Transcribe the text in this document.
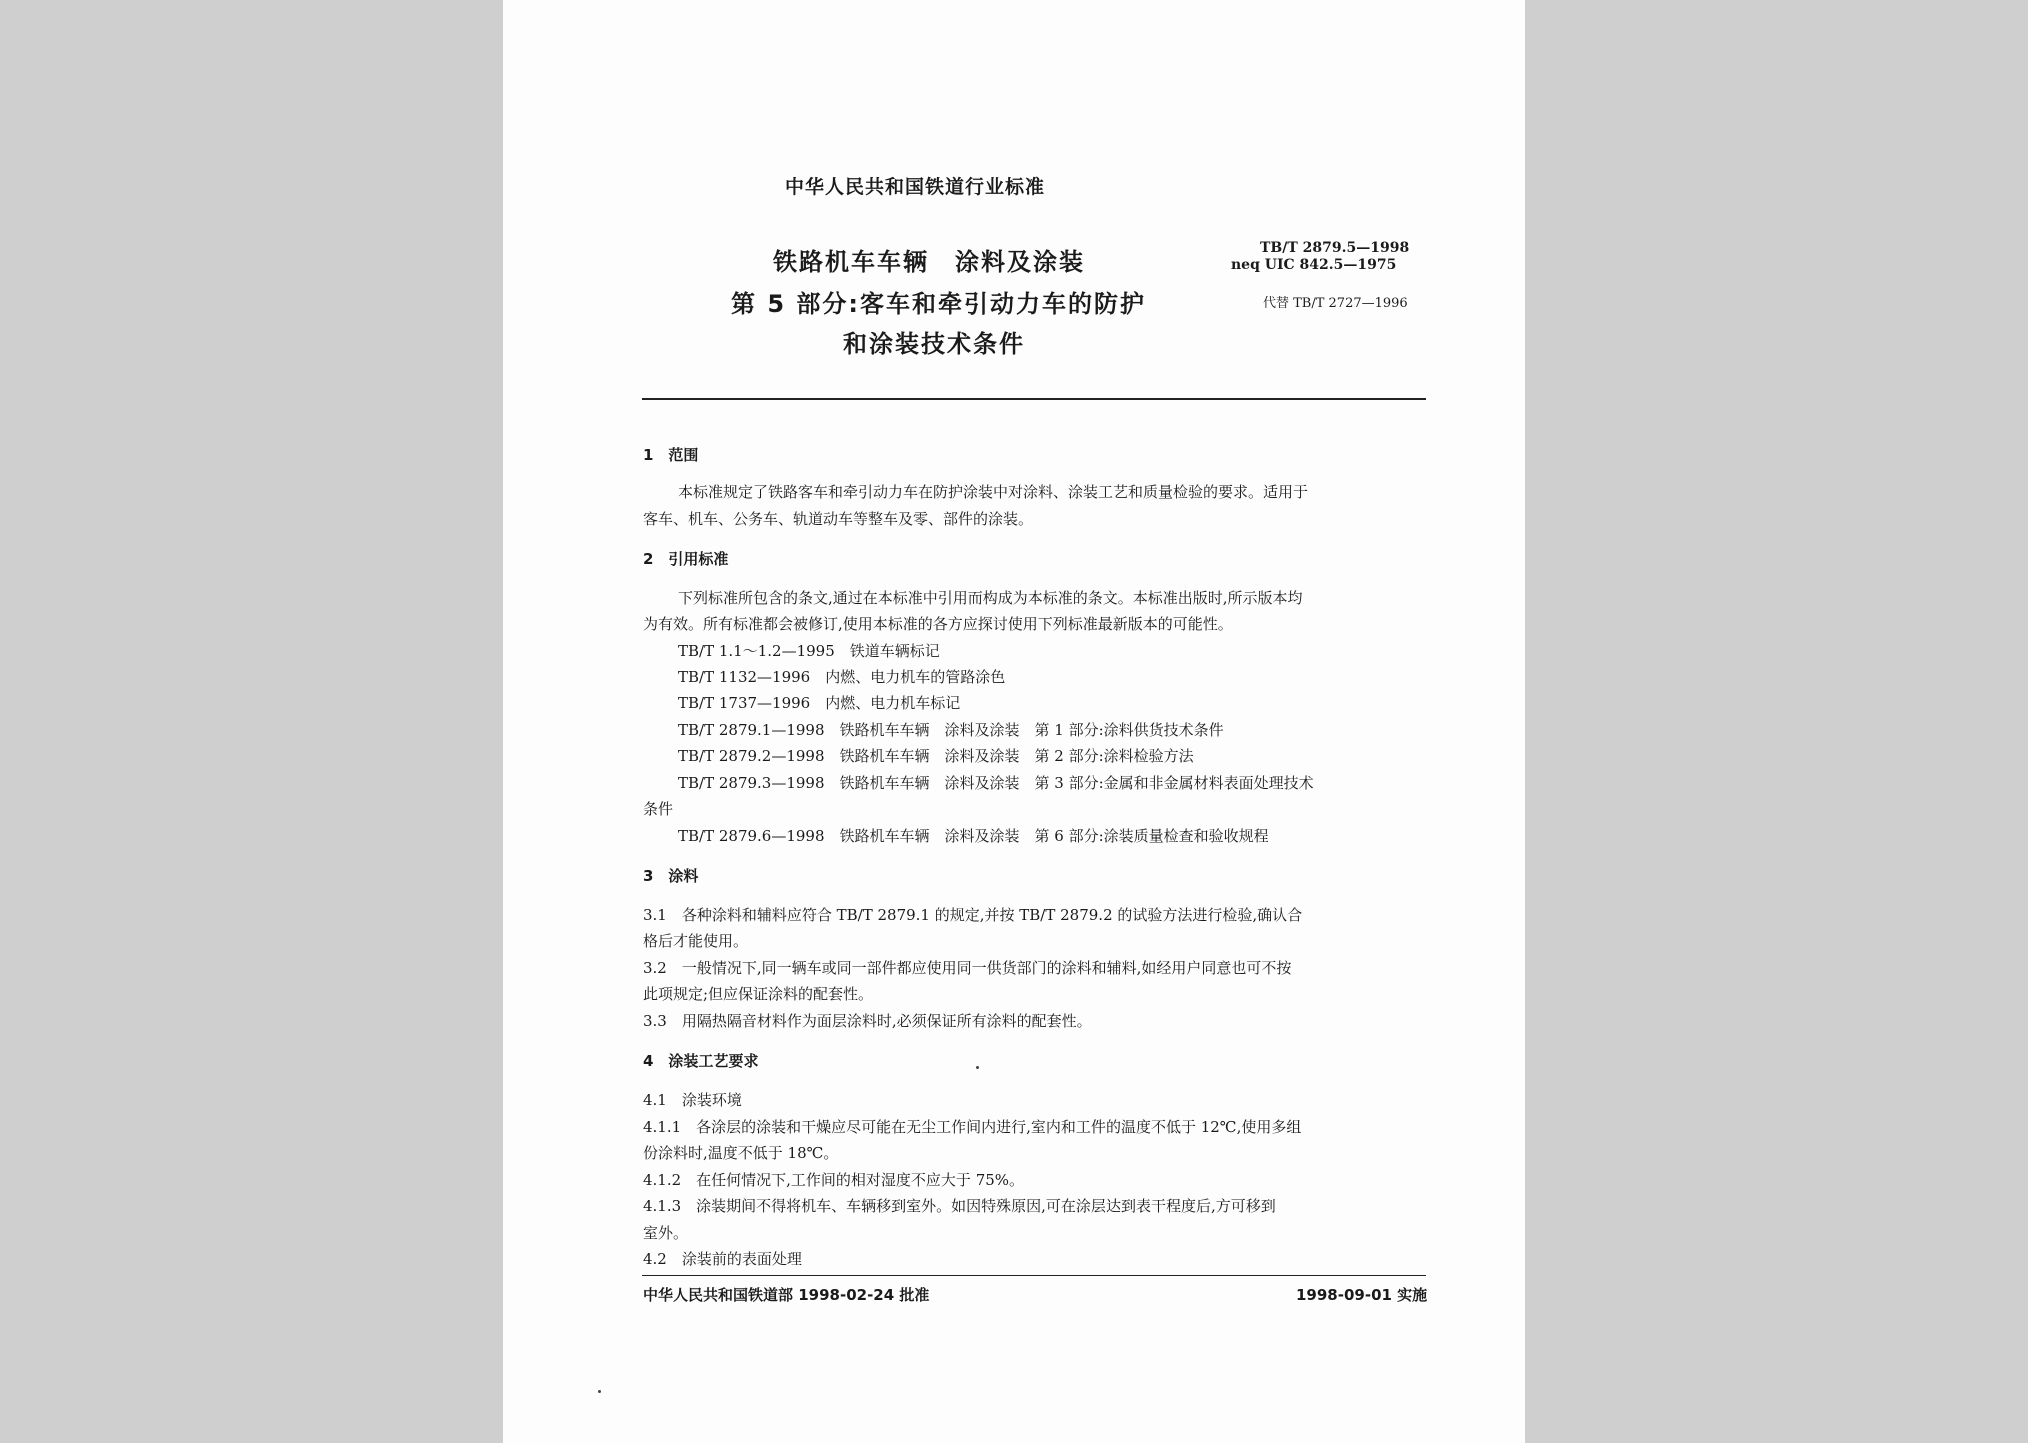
中华人民共和国铁道行业标准
铁路机车车辆　涂料及涂装
第 5 部分:客车和牵引动力车的防护
和涂装技术条件
TB/T 2879.5—1998
neq UIC 842.5—1975
代替 TB/T 2727—1996
1　范围
本标准规定了铁路客车和牵引动力车在防护涂装中对涂料、涂装工艺和质量检验的要求。适用于
客车、机车、公务车、轨道动车等整车及零、部件的涂装。
2　引用标准
下列标准所包含的条文,通过在本标准中引用而构成为本标准的条文。本标准出版时,所示版本均
为有效。所有标准都会被修订,使用本标准的各方应探讨使用下列标准最新版本的可能性。
TB/T 1.1～1.2—1995　铁道车辆标记
TB/T 1132—1996　内燃、电力机车的管路涂色
TB/T 1737—1996　内燃、电力机车标记
TB/T 2879.1—1998　铁路机车车辆　涂料及涂装　第 1 部分:涂料供货技术条件
TB/T 2879.2—1998　铁路机车车辆　涂料及涂装　第 2 部分:涂料检验方法
TB/T 2879.3—1998　铁路机车车辆　涂料及涂装　第 3 部分:金属和非金属材料表面处理技术
条件
TB/T 2879.6—1998　铁路机车车辆　涂料及涂装　第 6 部分:涂装质量检查和验收规程
3　涂料
3.1　各种涂料和辅料应符合 TB/T 2879.1 的规定,并按 TB/T 2879.2 的试验方法进行检验,确认合
格后才能使用。
3.2　一般情况下,同一辆车或同一部件都应使用同一供货部门的涂料和辅料,如经用户同意也可不按
此项规定;但应保证涂料的配套性。
3.3　用隔热隔音材料作为面层涂料时,必须保证所有涂料的配套性。
4　涂装工艺要求
4.1　涂装环境
4.1.1　各涂层的涂装和干燥应尽可能在无尘工作间内进行,室内和工件的温度不低于 12℃,使用多组
份涂料时,温度不低于 18℃。
4.1.2　在任何情况下,工作间的相对湿度不应大于 75%。
4.1.3　涂装期间不得将机车、车辆移到室外。如因特殊原因,可在涂层达到表干程度后,方可移到
室外。
4.2　涂装前的表面处理
中华人民共和国铁道部 1998-02-24 批准	1998-09-01 实施
